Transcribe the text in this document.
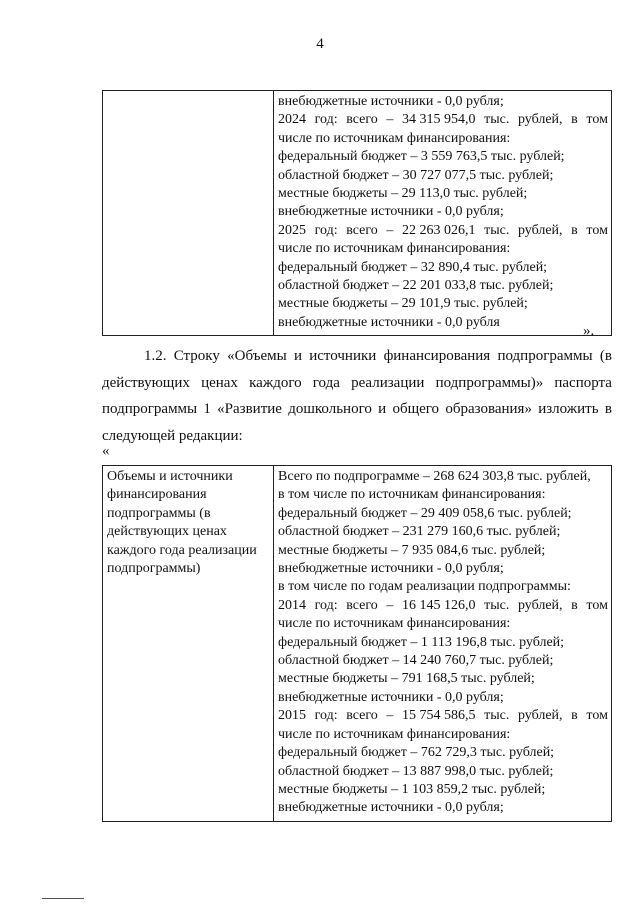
4

внебюджетные источники - 0,0 рубля;
2024 год: всего – 34 315 954,0 тыс. рублей, в том
числе по источникам финансирования:
федеральный бюджет – 3 559 763,5 тыс. рублей;
областной бюджет – 30 727 077,5 тыс. рублей;
местные бюджеты – 29 113,0 тыс. рублей;
внебюджетные источники - 0,0 рубля;
2025 год: всего – 22 263 026,1 тыс. рублей, в том
числе по источникам финансирования:
федеральный бюджет – 32 890,4 тыс. рублей;
областной бюджет – 22 201 033,8 тыс. рублей;
местные бюджеты – 29 101,9 тыс. рублей;
внебюджетные источники - 0,0 рубля
».
1.2. Строку «Объемы и источники финансирования подпрограммы (в
действующих ценах каждого года реализации подпрограммы)» паспорта
подпрограммы 1 «Развитие дошкольного и общего образования» изложить в
следующей редакции:
«
Объемы и источники
финансирования
подпрограммы (в
действующих ценах
каждого года реализации
подпрограммы)

Всего по подпрограмме – 268 624 303,8 тыс. рублей,
в том числе по источникам финансирования:
федеральный бюджет – 29 409 058,6 тыс. рублей;
областной бюджет – 231 279 160,6 тыс. рублей;
местные бюджеты – 7 935 084,6 тыс. рублей;
внебюджетные источники - 0,0 рубля;
в том числе по годам реализации подпрограммы:
2014 год: всего – 16 145 126,0 тыс. рублей, в том
числе по источникам финансирования:
федеральный бюджет – 1 113 196,8 тыс. рублей;
областной бюджет – 14 240 760,7 тыс. рублей;
местные бюджеты – 791 168,5 тыс. рублей;
внебюджетные источники - 0,0 рубля;
2015 год: всего – 15 754 586,5 тыс. рублей, в том
числе по источникам финансирования:
федеральный бюджет – 762 729,3 тыс. рублей;
областной бюджет – 13 887 998,0 тыс. рублей;
местные бюджеты – 1 103 859,2 тыс. рублей;
внебюджетные источники - 0,0 рубля;
